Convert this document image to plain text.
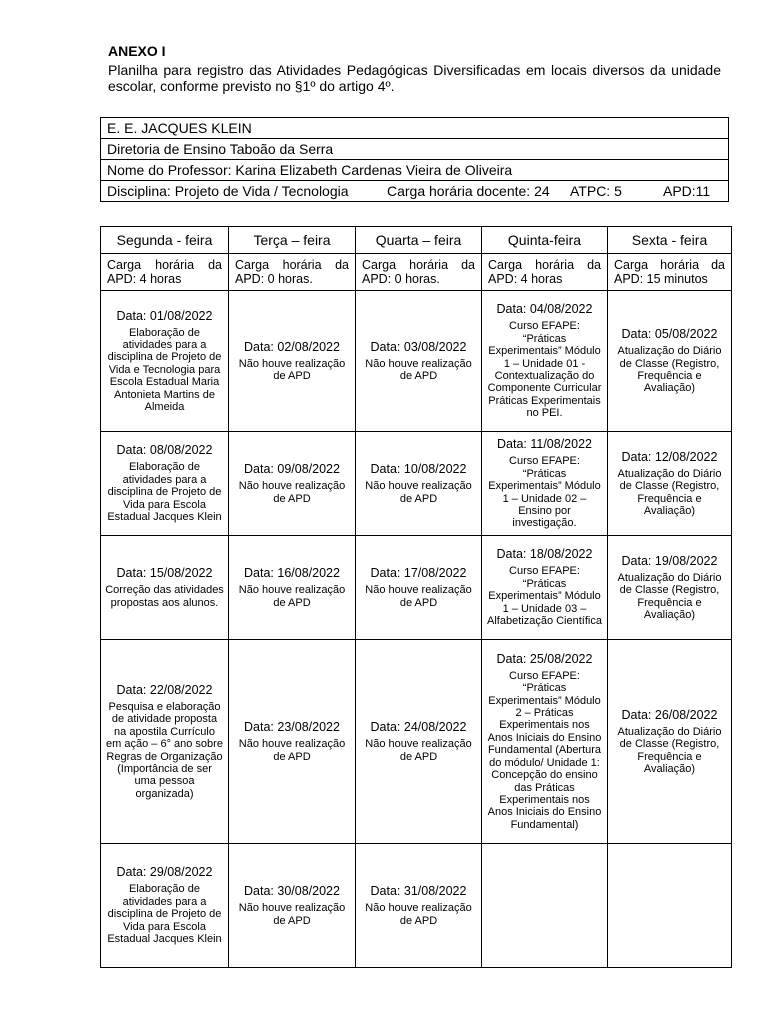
ANEXO I

Planilha para registro das Atividades Pedagógicas Diversificadas em locais diversos da unidade escolar, conforme previsto no §1º do artigo 4º.

E. E. JACQUES KLEIN
Diretoria de Ensino Taboão da Serra
Nome do Professor: Karina Elizabeth Cardenas Vieira de Oliveira

Disciplina: Projeto de Vida / Tecnologia	Carga horária docente: 24	ATPC: 5	APD:11
Segunda - feira	Terça – feira	Quarta – feira	Quinta-feira	Sexta - feira

Carga horária da
APD: 4 horas	Carga horária da
APD: 0 horas.	Carga horária da
APD: 0 horas.	Carga horária da
APD: 4 horas	Carga horária da
APD: 15 minutos

Data: 01/08/2022
Elaboração de atividades para a disciplina de Projeto de Vida e Tecnologia para Escola Estadual Maria Antonieta Martins de Almeida	Data: 02/08/2022
Não houve realização de APD	Data: 03/08/2022
Não houve realização de APD	Data: 04/08/2022
Curso EFAPE: “Práticas Experimentais” Módulo 1 – Unidade 01 - Contextualização do Componente Curricular Práticas Experimentais no PEI.	Data: 05/08/2022
Atualização do Diário de Classe (Registro, Frequência e Avaliação)

Data: 08/08/2022
Elaboração de atividades para a disciplina de Projeto de Vida para Escola Estadual Jacques Klein	Data: 09/08/2022
Não houve realização de APD	Data: 10/08/2022
Não houve realização de APD	Data: 11/08/2022
Curso EFAPE: “Práticas Experimentais” Módulo 1 – Unidade 02 – Ensino por investigação.	Data: 12/08/2022
Atualização do Diário de Classe (Registro, Frequência e Avaliação)

Data: 15/08/2022
Correção das atividades propostas aos alunos.	Data: 16/08/2022
Não houve realização de APD	Data: 17/08/2022
Não houve realização de APD	Data: 18/08/2022
Curso EFAPE: “Práticas Experimentais” Módulo 1 – Unidade 03 – Alfabetização Científica	Data: 19/08/2022
Atualização do Diário de Classe (Registro, Frequência e Avaliação)

Data: 22/08/2022
Pesquisa e elaboração de atividade proposta na apostila Currículo em ação – 6° ano sobre Regras de Organização (Importância de ser uma pessoa organizada)	Data: 23/08/2022
Não houve realização de APD	Data: 24/08/2022
Não houve realização de APD	Data: 25/08/2022
Curso EFAPE: “Práticas Experimentais” Módulo 2 – Práticas Experimentais nos Anos Iniciais do Ensino Fundamental (Abertura do módulo/ Unidade 1: Concepção do ensino das Práticas Experimentais nos Anos Iniciais do Ensino Fundamental)	Data: 26/08/2022
Atualização do Diário de Classe (Registro, Frequência e Avaliação)

Data: 29/08/2022
Elaboração de atividades para a disciplina de Projeto de Vida para Escola Estadual Jacques Klein	Data: 30/08/2022
Não houve realização de APD	Data: 31/08/2022
Não houve realização de APD		
